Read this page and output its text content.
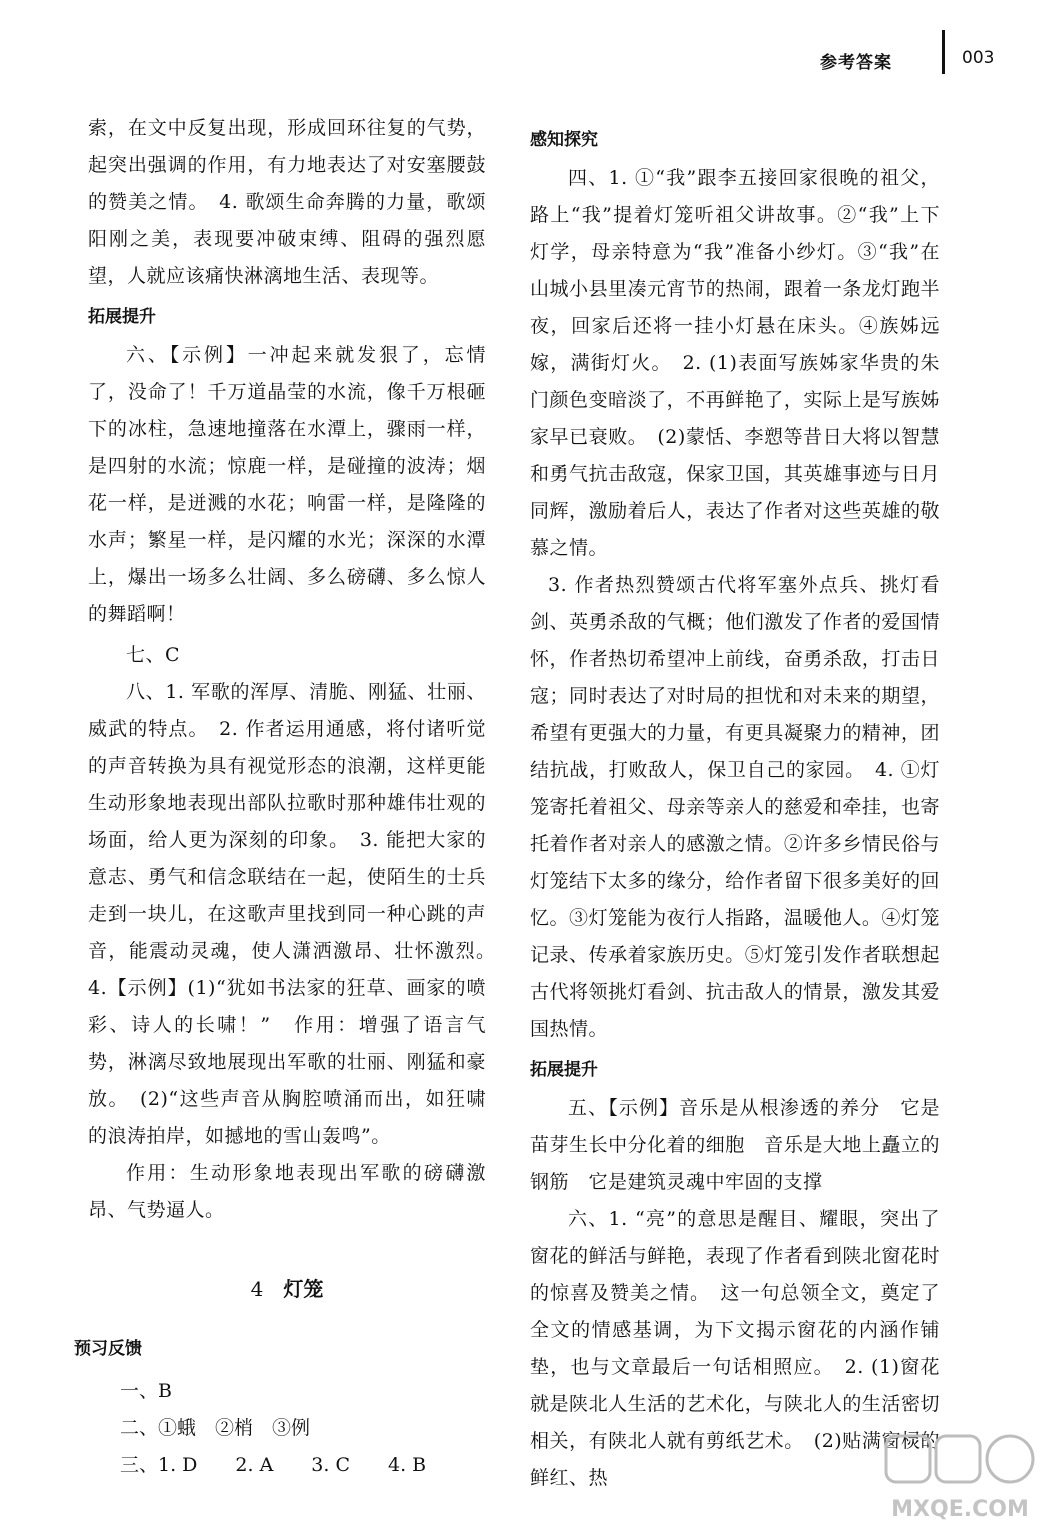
参考答案	003

索，在文中反复出现，形成回环往复的气势，起突出强调的作用，有力地表达了对安塞腰鼓的赞美之情。　4. 歌颂生命奔腾的力量，歌颂阳刚之美，表现要冲破束缚、阻碍的强烈愿望，人就应该痛快淋漓地生活、表现等。

拓展提升

六、【示例】一冲起来就发狠了，忘情了，没命了！千万道晶莹的水流，像千万根砸下的冰柱，急速地撞落在水潭上，骤雨一样，是四射的水流；惊鹿一样，是碰撞的波涛；烟花一样，是迸溅的水花；响雷一样，是隆隆的水声；繁星一样，是闪耀的水光；深深的水潭上，爆出一场多么壮阔、多么磅礴、多么惊人的舞蹈啊！

七、C

八、1. 军歌的浑厚、清脆、刚猛、壮丽、威武的特点。　2. 作者运用通感，将付诸听觉的声音转换为具有视觉形态的浪潮，这样更能生动形象地表现出部队拉歌时那种雄伟壮观的场面，给人更为深刻的印象。　3. 能把大家的意志、勇气和信念联结在一起，使陌生的士兵走到一块儿，在这歌声里找到同一种心跳的声音，能震动灵魂，使人潇洒激昂、壮怀激烈。　4.【示例】(1)“犹如书法家的狂草、画家的喷彩、诗人的长啸！”　作用：增强了语言气势，淋漓尽致地展现出军歌的壮丽、刚猛和豪放。　(2)“这些声音从胸腔喷涌而出，如狂啸的浪涛拍岸，如撼地的雪山轰鸣”。

作用：生动形象地表现出军歌的磅礴激昂、气势逼人。

4 灯笼
预习反馈
一、B
二、①蛾　②梢　③例
三、1. D　　2. A　　3. C　　4. B
感知探究

四、1. ①“我”跟李五接回家很晚的祖父，路上“我”提着灯笼听祖父讲故事。②“我”上下灯学，母亲特意为“我”准备小纱灯。③“我”在山城小县里凑元宵节的热闹，跟着一条龙灯跑半夜，回家后还将一挂小灯悬在床头。④族姊远嫁，满街灯火。　2. (1)表面写族姊家华贵的朱门颜色变暗淡了，不再鲜艳了，实际上是写族姊家早已衰败。　(2)蒙恬、李愬等昔日大将以智慧和勇气抗击敌寇，保家卫国，其英雄事迹与日月同辉，激励着后人，表达了作者对这些英雄的敬慕之情。

3. 作者热烈赞颂古代将军塞外点兵、挑灯看剑、英勇杀敌的气概；他们激发了作者的爱国情怀，作者热切希望冲上前线，奋勇杀敌，打击日寇；同时表达了对时局的担忧和对未来的期望，希望有更强大的力量，有更具凝聚力的精神，团结抗战，打败敌人，保卫自己的家园。　4. ①灯笼寄托着祖父、母亲等亲人的慈爱和牵挂，也寄托着作者对亲人的感激之情。②许多乡情民俗与灯笼结下太多的缘分，给作者留下很多美好的回忆。③灯笼能为夜行人指路，温暖他人。④灯笼记录、传承着家族历史。⑤灯笼引发作者联想起古代将领挑灯看剑、抗击敌人的情景，激发其爱国热情。

拓展提升

五、【示例】音乐是从根渗透的养分　它是苗芽生长中分化着的细胞　音乐是大地上矗立的钢筋　它是建筑灵魂中牢固的支撑

六、1. “亮”的意思是醒目、耀眼，突出了窗花的鲜活与鲜艳，表现了作者看到陕北窗花时的惊喜及赞美之情。　这一句总领全文，奠定了全文的情感基调，为下文揭示窗花的内涵作铺垫，也与文章最后一句话相照应。　2. (1)窗花就是陕北人生活的艺术化，与陕北人的生活密切相关，有陕北人就有剪纸艺术。　(2)贴满窗棂的鲜红、热

MXQE.COM
